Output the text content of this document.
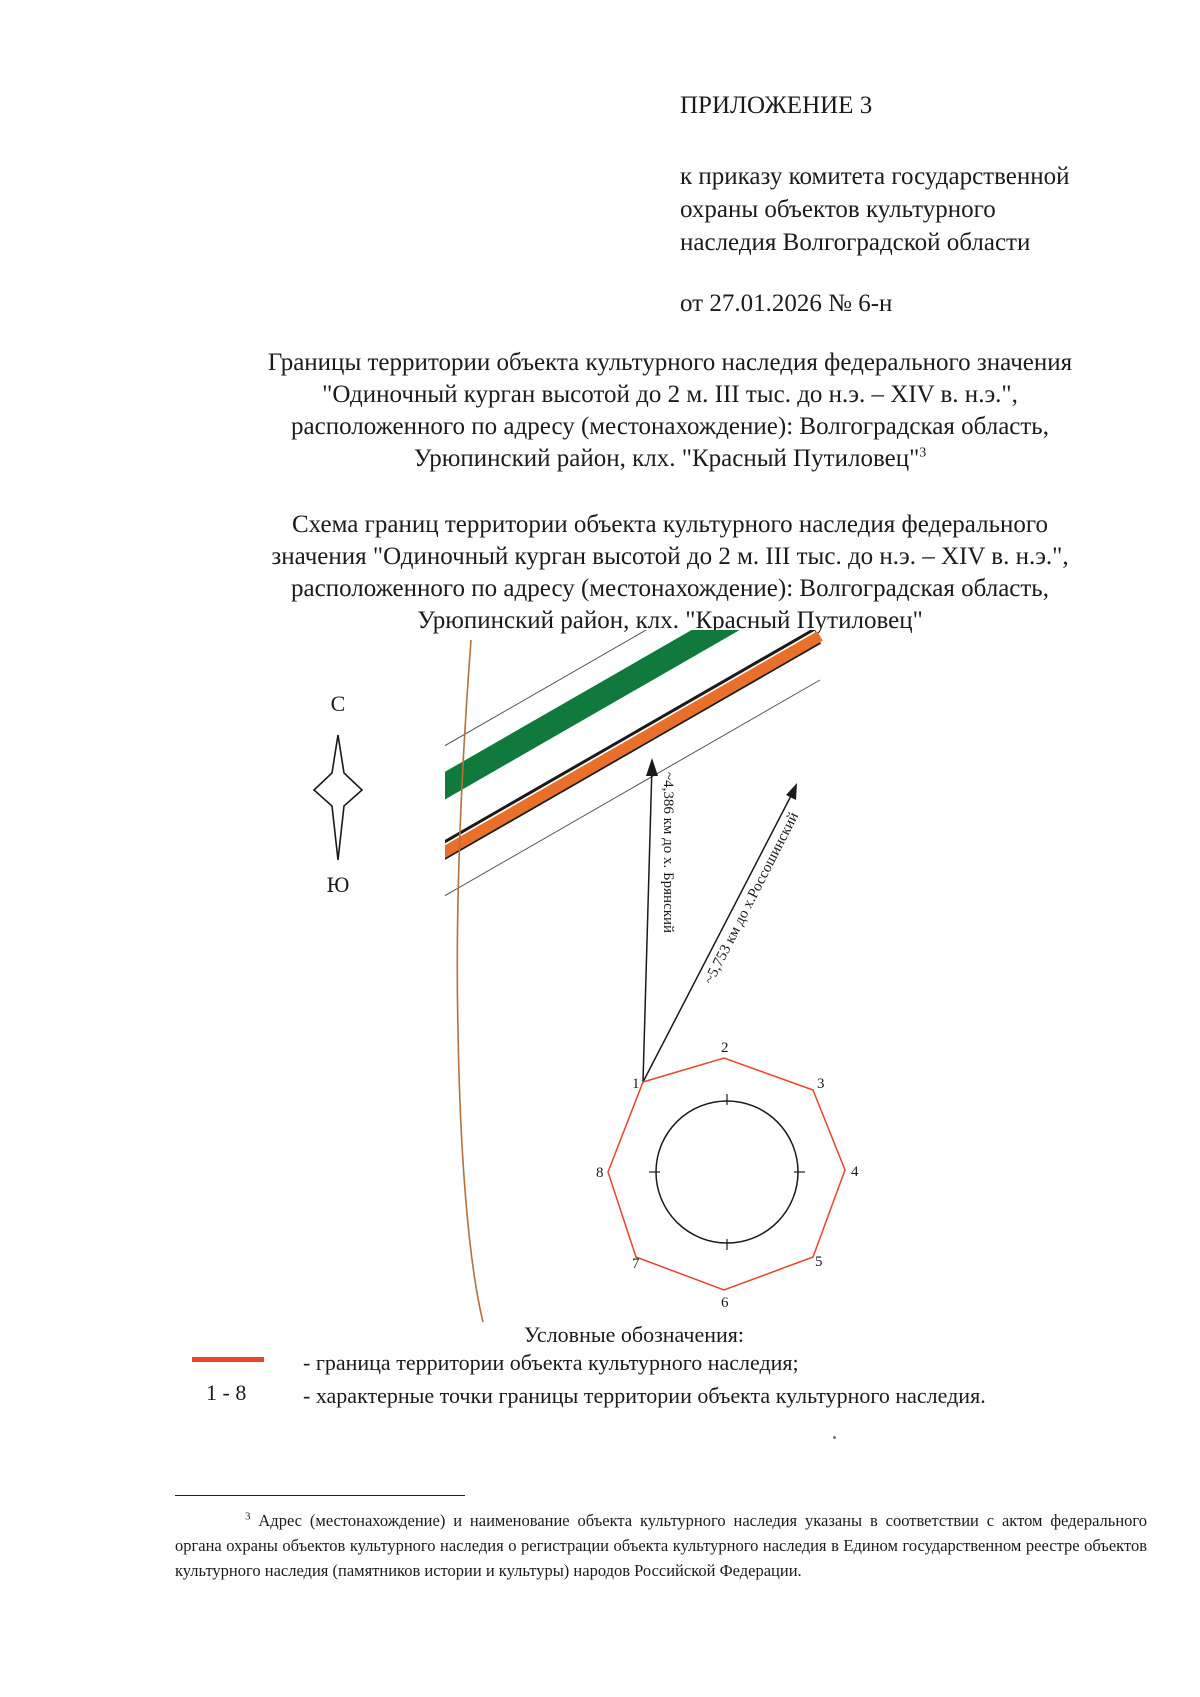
ПРИЛОЖЕНИЕ 3
к приказу комитета государственной
охраны объектов культурного
наследия Волгоградской области
от 27.01.2026 № 6-н
Границы территории объекта культурного наследия федерального значения
"Одиночный курган высотой до 2 м. III тыс. до н.э. – XIV в. н.э.",
расположенного по адресу (местонахождение): Волгоградская область,
Урюпинский район, клх. "Красный Путиловец"$^3$
Схема границ территории объекта культурного наследия федерального
значения "Одиночный курган высотой до 2 м. III тыс. до н.э. – XIV в. н.э.",
расположенного по адресу (местонахождение): Волгоградская область,
Урюпинский район, клх. "Красный Путиловец"
С
Ю	~4,386 км до х. Брянский ~5,753 км до х.Россошинский
1
2
3
4
5
6
7
8
Условные обозначения:
- граница территории объекта культурного наследия;
1 - 8	- характерные точки границы территории объекта культурного наследия.
$^3$ Адрес (местонахождение) и наименование объекта культурного наследия указаны в соответствии с актом федерального органа охраны объектов культурного наследия о регистрации объекта культурного наследия в Едином государственном реестре объектов культурного наследия (памятников истории и культуры) народов Российской Федерации.
